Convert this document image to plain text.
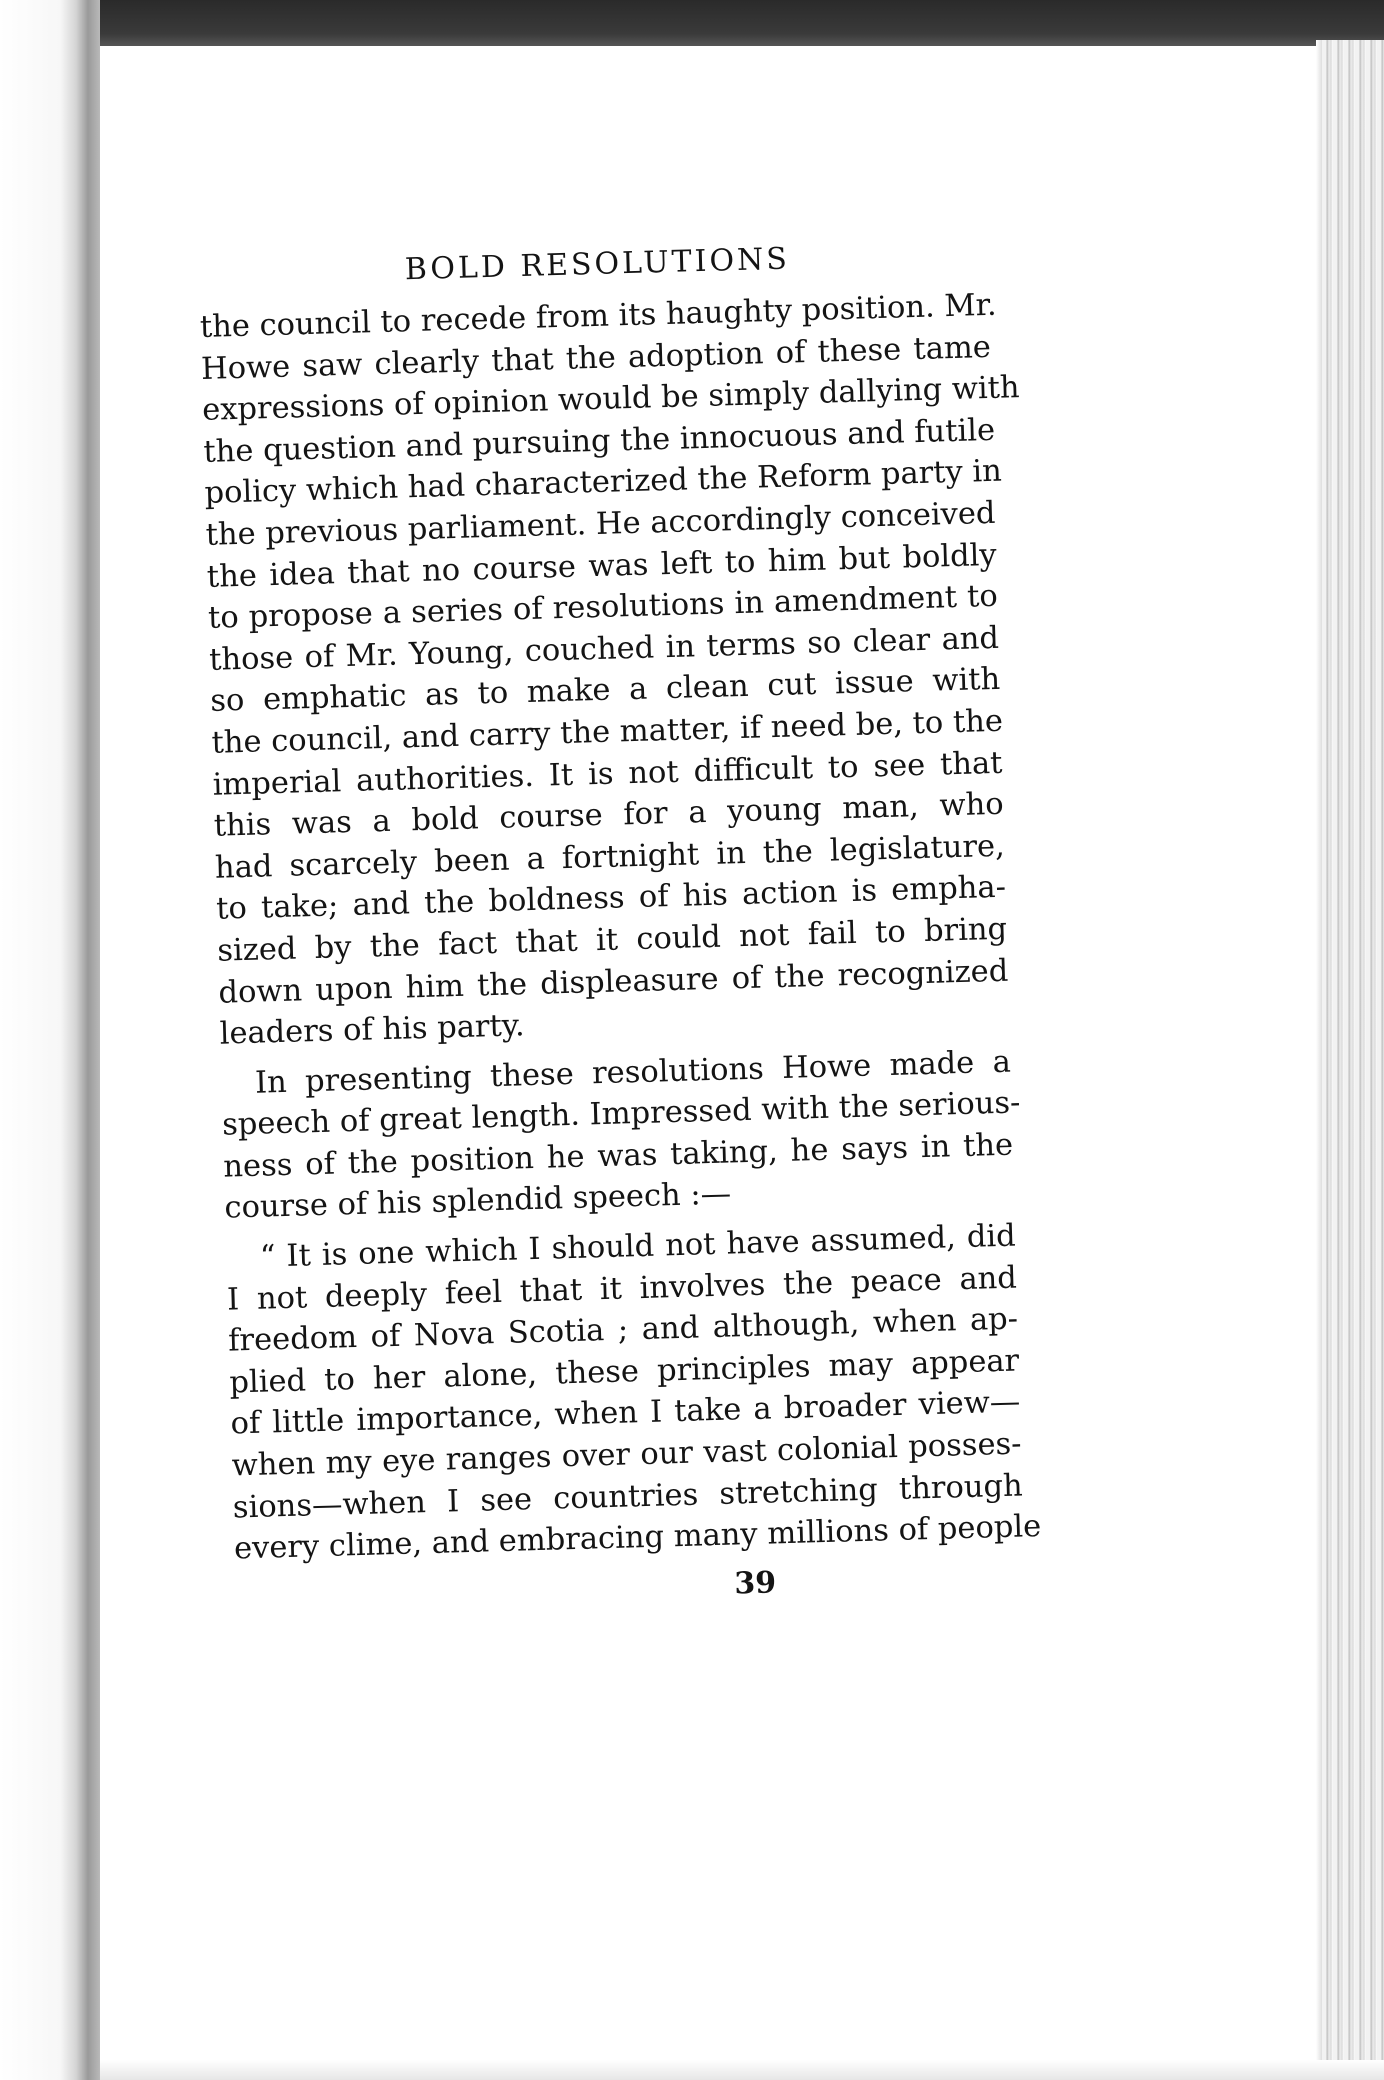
BOLD RESOLUTIONS
the council to recede from its haughty position. Mr.
Howe saw clearly that the adoption of these tame
expressions of opinion would be simply dallying with
the question and pursuing the innocuous and futile
policy which had characterized the Reform party in
the previous parliament. He accordingly conceived
the idea that no course was left to him but boldly
to propose a series of resolutions in amendment to
those of Mr. Young, couched in terms so clear and
so emphatic as to make a clean cut issue with
the council, and carry the matter, if need be, to the
imperial authorities. It is not difficult to see that
this was a bold course for a young man, who
had scarcely been a fortnight in the legislature,
to take; and the boldness of his action is empha-
sized by the fact that it could not fail to bring
down upon him the displeasure of the recognized
leaders of his party.
In presenting these resolutions Howe made a
speech of great length. Impressed with the serious-
ness of the position he was taking, he says in the
course of his splendid speech :—
“ It is one which I should not have assumed, did
I not deeply feel that it involves the peace and
freedom of Nova Scotia ; and although, when ap-
plied to her alone, these principles may appear
of little importance, when I take a broader view—
when my eye ranges over our vast colonial posses-
sions—when I see countries stretching through
every clime, and embracing many millions of people
39
